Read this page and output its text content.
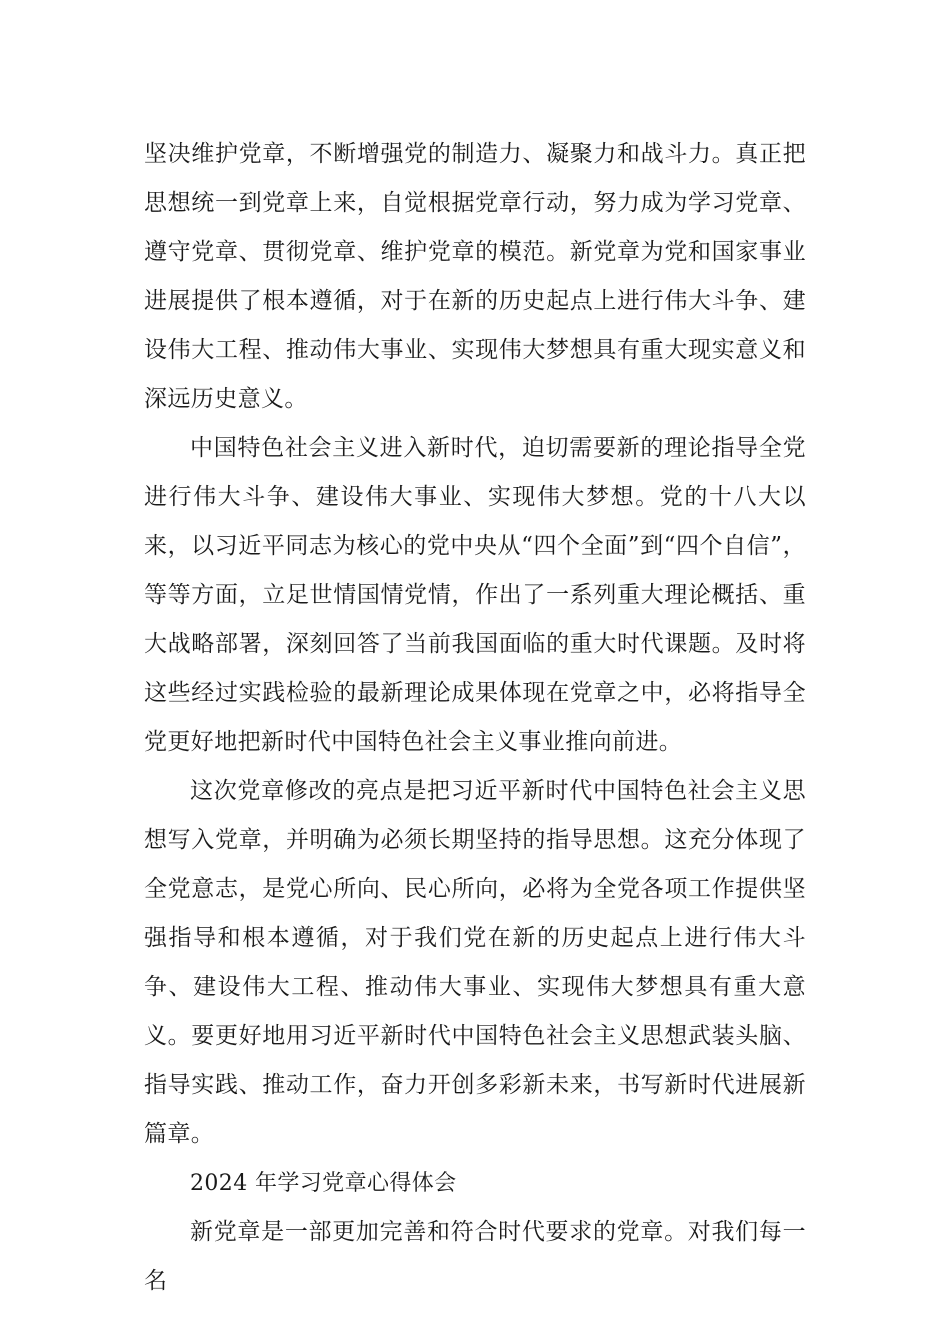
坚决维护党章，不断增强党的制造力、凝聚力和战斗力。真正把思想统一到党章上来，自觉根据党章行动，努力成为学习党章、遵守党章、贯彻党章、维护党章的模范。新党章为党和国家事业进展提供了根本遵循，对于在新的历史起点上进行伟大斗争、建设伟大工程、推动伟大事业、实现伟大梦想具有重大现实意义和深远历史意义。

中国特色社会主义进入新时代，迫切需要新的理论指导全党进行伟大斗争、建设伟大事业、实现伟大梦想。党的十八大以来，以习近平同志为核心的党中央从“四个全面”到“四个自信”，等等方面，立足世情国情党情，作出了一系列重大理论概括、重大战略部署，深刻回答了当前我国面临的重大时代课题。及时将这些经过实践检验的最新理论成果体现在党章之中，必将指导全党更好地把新时代中国特色社会主义事业推向前进。

这次党章修改的亮点是把习近平新时代中国特色社会主义思想写入党章，并明确为必须长期坚持的指导思想。这充分体现了全党意志，是党心所向、民心所向，必将为全党各项工作提供坚强指导和根本遵循，对于我们党在新的历史起点上进行伟大斗争、建设伟大工程、推动伟大事业、实现伟大梦想具有重大意义。要更好地用习近平新时代中国特色社会主义思想武装头脑、指导实践、推动工作，奋力开创多彩新未来，书写新时代进展新篇章。

2024 年学习党章心得体会

新党章是一部更加完善和符合时代要求的党章。对我们每一名
